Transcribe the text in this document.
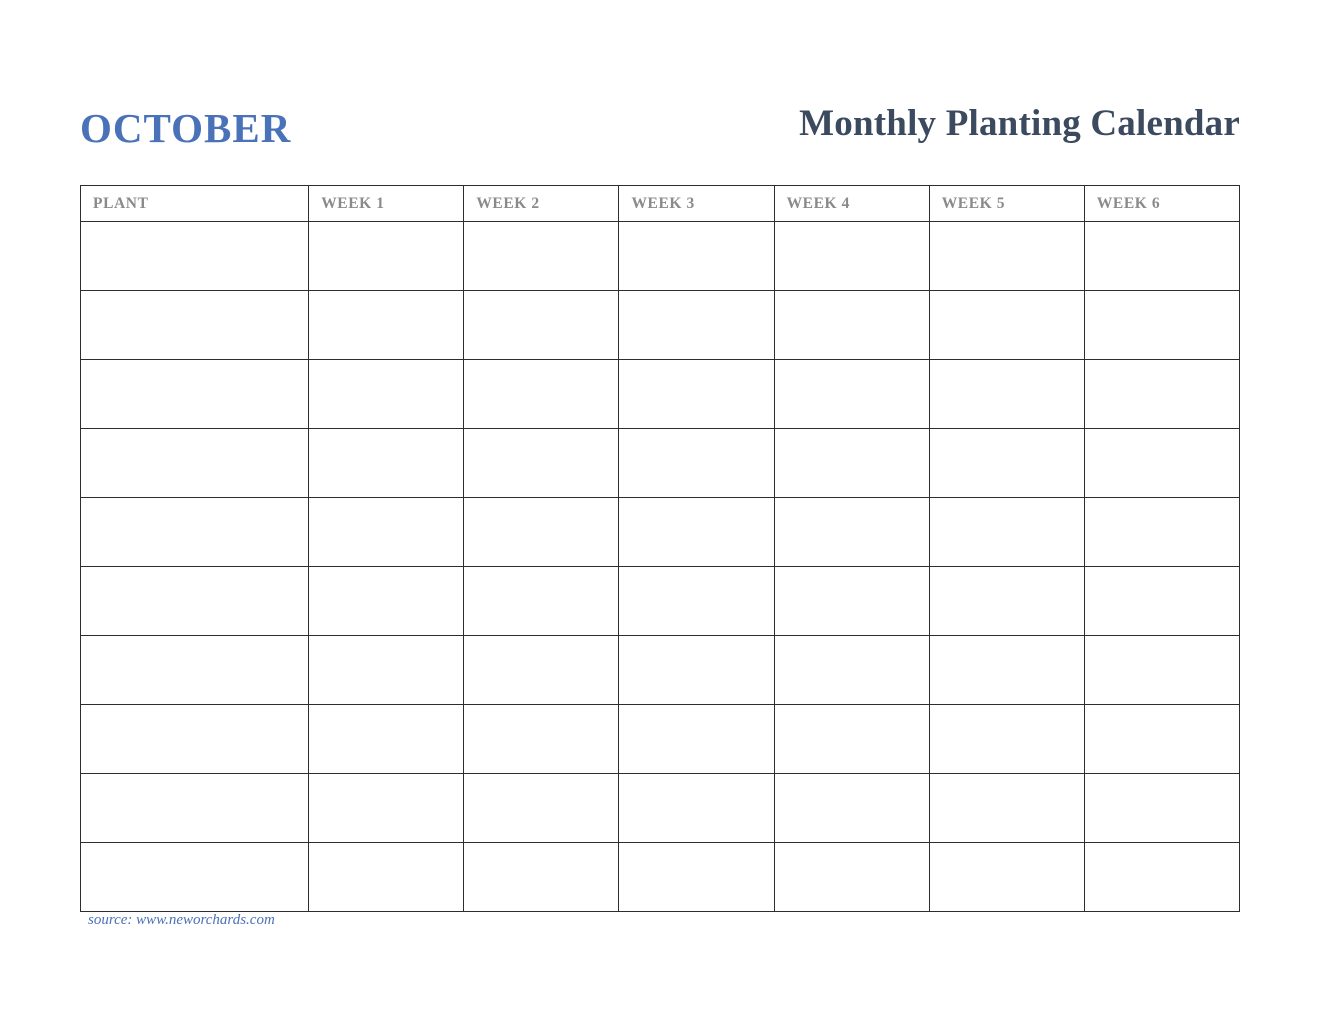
october	Monthly Planting Calendar
PLANT	WEEK 1	WEEK 2	WEEK 3	WEEK 4	WEEK 5	WEEK 6

source: www.neworchards.com
